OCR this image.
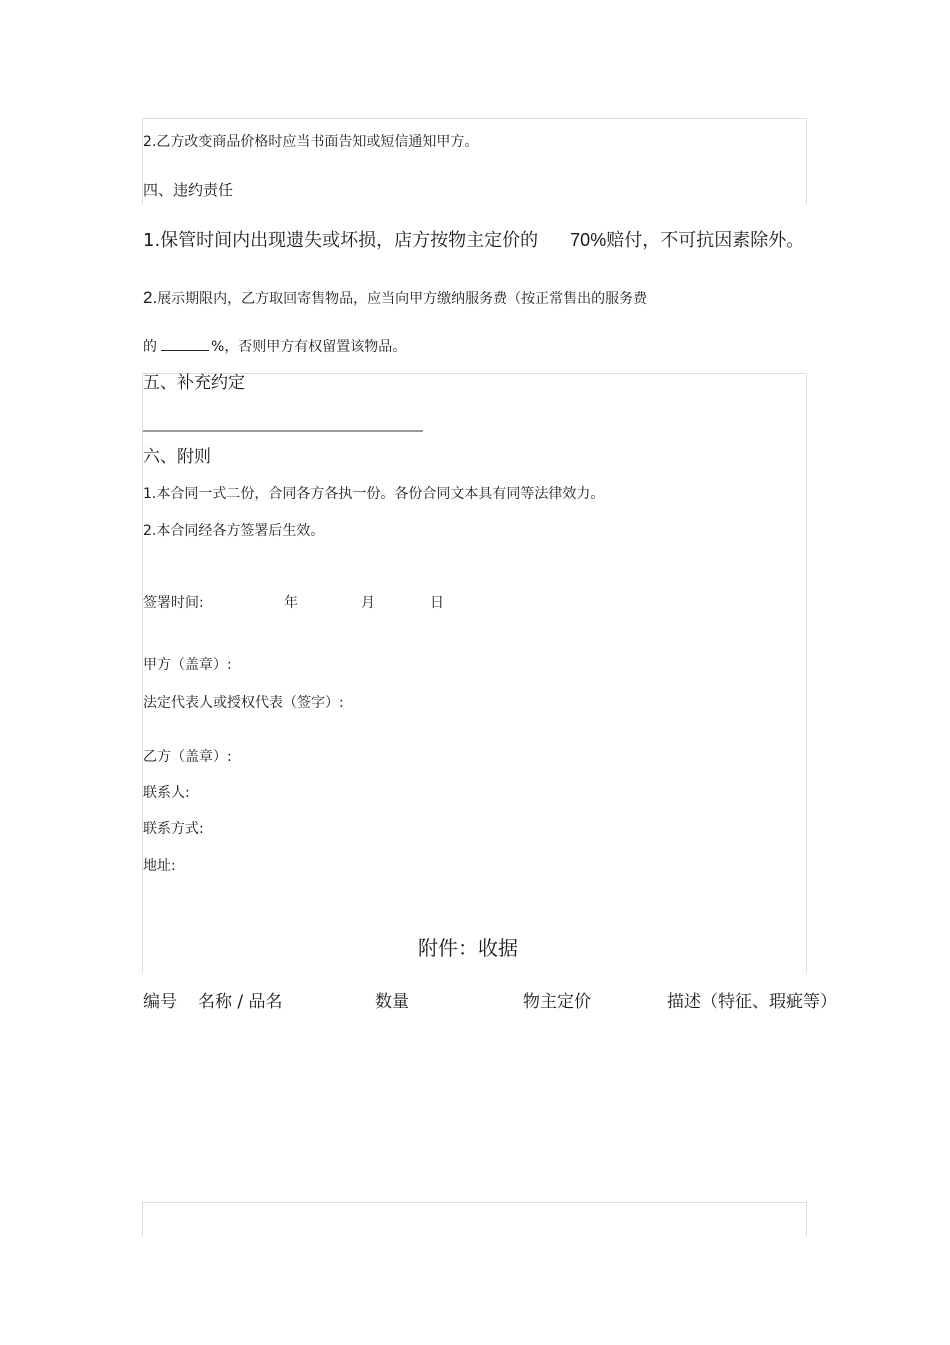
2.乙方改变商品价格时应当书面告知或短信通知甲方。
四、违约责任
1.保管时间内出现遗失或坏损，店方按物主定价的 70%赔付，不可抗因素除外。
2.展示期限内，乙方取回寄售物品，应当向甲方缴纳服务费（按正常售出的服务费
的	%，否则甲方有权留置该物品。
五、补充约定
六、附则
1.本合同一式二份，合同各方各执一份。各份合同文本具有同等法律效力。
2.本合同经各方签署后生效。
签署时间:	年	月	日
甲方（盖章）:
法定代表人或授权代表（签字）:
乙方（盖章）:
联系人:
联系方式:
地址:
附件：收据
编号 名称 / 品名	数量	物主定价	描述（特征、瑕疵等）
